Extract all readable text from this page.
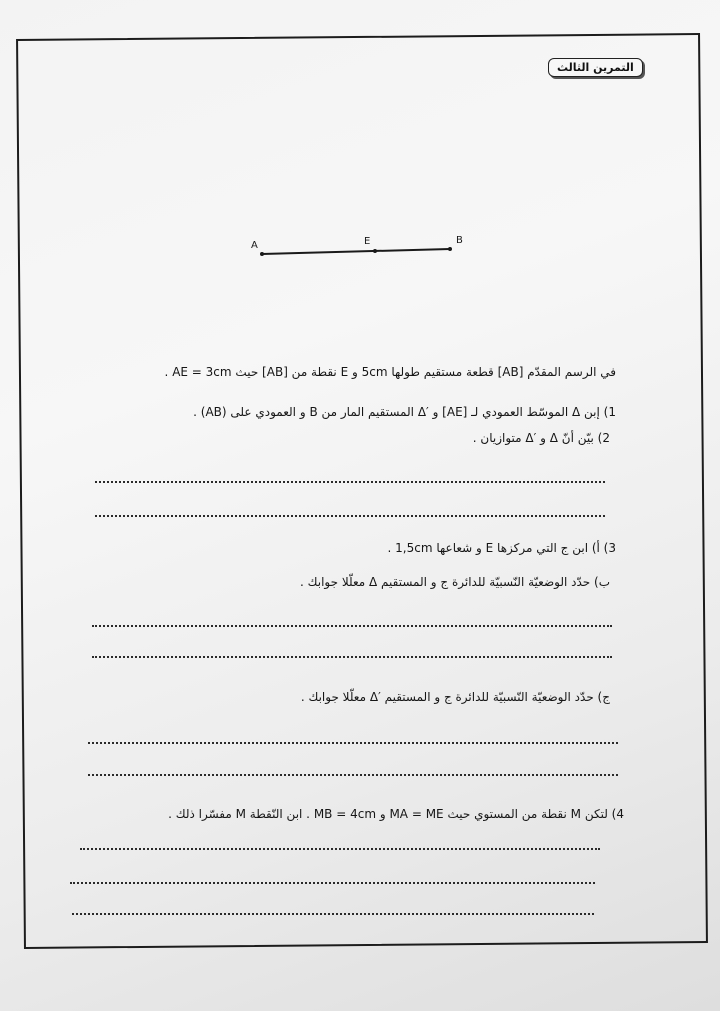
التمرين الثالث
A	E	B
في الرسم المقدّم [AB] قطعة مستقيم طولها 5cm و E نقطة من [AB] حيث AE = 3cm .
1) إبن Δ الموسّط العمودي لـ [AE] و ′Δ المستقيم المار من B و العمودي على (AB) .
2) بيّن أنّ Δ و ′Δ متوازيان .
3) أ) ابن ج التي مركزها E و شعاعها 1,5cm .
ب) حدّد الوضعيّة النّسبيّة للدائرة ج و المستقيم Δ معلّلا جوابك .
ج) حدّد الوضعيّة النّسبيّة للدائرة ج و المستقيم ′Δ معلّلا جوابك .
4) لتكن M نقطة من المستوي حيث MA = ME و MB = 4cm . ابن النّقطة M مفسّرا ذلك .
